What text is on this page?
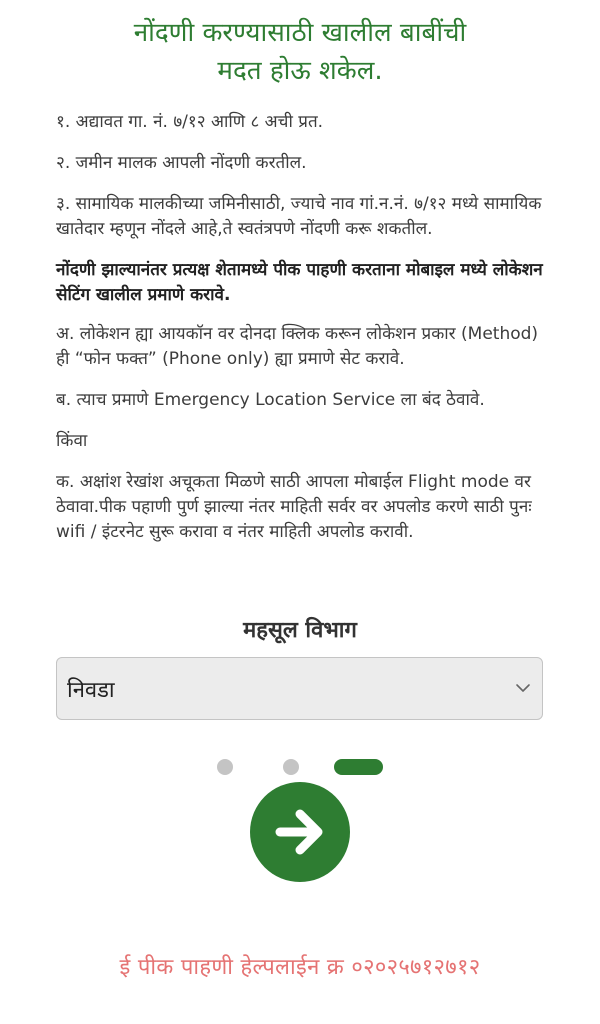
नोंदणी करण्यासाठी खालील बाबींची
मदत होऊ शकेल.

१. अद्यावत गा. नं. ७/१२ आणि ८ अची प्रत.

२. जमीन मालक आपली नोंदणी करतील.

३. सामायिक मालकीच्या जमिनीसाठी, ज्याचे नाव गां.न.नं. ७/१२ मध्ये सामायिक खातेदार म्हणून नोंदले आहे,ते स्वतंत्रपणे नोंदणी करू शकतील.

नोंदणी झाल्यानंतर प्रत्यक्ष शेतामध्ये पीक पाहणी करताना मोबाइल मध्ये लोकेशन सेटिंग खालील प्रमाणे करावे.

अ. लोकेशन ह्या आयकॉन वर दोनदा क्लिक करून लोकेशन प्रकार (Method) ही “फोन फक्त” (Phone only) ह्या प्रमाणे सेट करावे.

ब. त्याच प्रमाणे Emergency Location Service ला बंद ठेवावे.

किंवा

क. अक्षांश रेखांश अचूकता मिळणे साठी आपला मोबाईल Flight mode वर ठेवावा.पीक पहाणी पुर्ण झाल्या नंतर माहिती सर्वर वर अपलोड करणे साठी पुनः wifi / इंटरनेट सुरू करावा व नंतर माहिती अपलोड करावी.

महसूल विभाग
निवडा
ई पीक पाहणी हेल्पलाईन क्र ०२०२५७१२७१२
